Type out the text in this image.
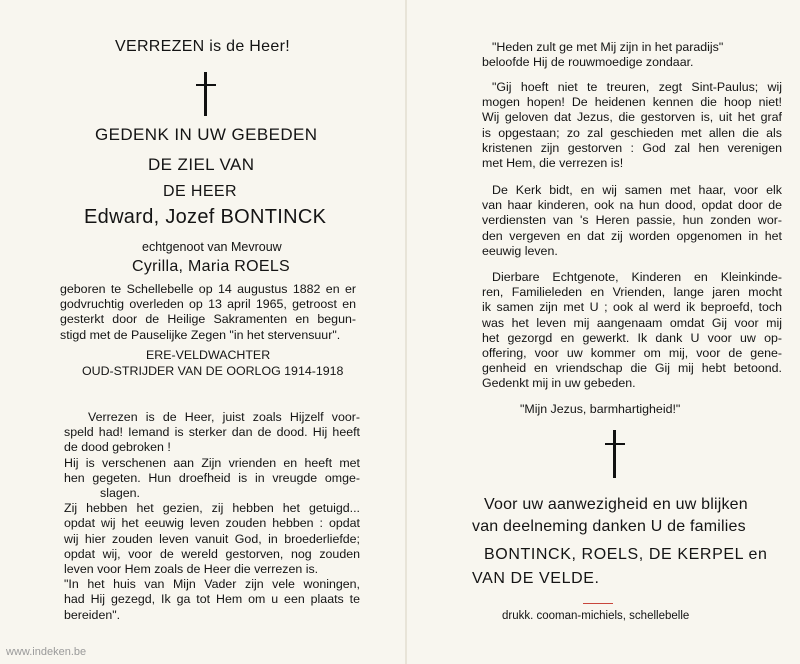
VERREZEN is de Heer!
GEDENK IN UW GEBEDEN
DE ZIEL VAN
DE HEER
Edward, Jozef BONTINCK
echtgenoot van Mevrouw
Cyrilla, Maria ROELS
geboren te Schellebelle op 14 augustus 1882 en er
godvruchtig overleden op 13 april 1965, getroost en
gesterkt door de Heilige Sakramenten en begun-
stigd met de Pauselijke Zegen "in het stervensuur".
ERE-VELDWACHTER
OUD-STRIJDER VAN DE OORLOG 1914-1918
Verrezen is de Heer, juist zoals Hijzelf voor-
speld had! Iemand is sterker dan de dood. Hij heeft
de dood gebroken !
Hij is verschenen aan Zijn vrienden en heeft met
hen gegeten. Hun droefheid is in vreugde omge-
slagen.
Zij hebben het gezien, zij hebben het getuigd...
opdat wij het eeuwig leven zouden hebben : opdat
wij hier zouden leven vanuit God, in broederliefde;
opdat wij, voor de wereld gestorven, nog zouden
leven voor Hem zoals de Heer die verrezen is.
"In het huis van Mijn Vader zijn vele woningen,
had Hij gezegd, Ik ga tot Hem om u een plaats te
bereiden".
"Heden zult ge met Mij zijn in het paradijs"
beloofde Hij de rouwmoedige zondaar.
"Gij hoeft niet te treuren, zegt Sint-Paulus; wij
mogen hopen! De heidenen kennen die hoop niet!
Wij geloven dat Jezus, die gestorven is, uit het graf
is opgestaan; zo zal geschieden met allen die als
kristenen zijn gestorven : God zal hen verenigen
met Hem, die verrezen is!
De Kerk bidt, en wij samen met haar, voor elk
van haar kinderen, ook na hun dood, opdat door de
verdiensten van 's Heren passie, hun zonden wor-
den vergeven en dat zij worden opgenomen in het
eeuwig leven.
Dierbare Echtgenote, Kinderen en Kleinkinde-
ren, Familieleden en Vrienden, lange jaren mocht
ik samen zijn met U ; ook al werd ik beproefd, toch
was het leven mij aangenaam omdat Gij voor mij
het gezorgd en gewerkt. Ik dank U voor uw op-
offering, voor uw kommer om mij, voor de gene-
genheid en vriendschap die Gij mij hebt betoond.
Gedenkt mij in uw gebeden.
"Mijn Jezus, barmhartigheid!"
Voor uw aanwezigheid en uw blijken
van deelneming danken U de families
BONTINCK, ROELS, DE KERPEL en
VAN DE VELDE.
drukk. cooman-michiels, schellebelle
www.indeken.be
